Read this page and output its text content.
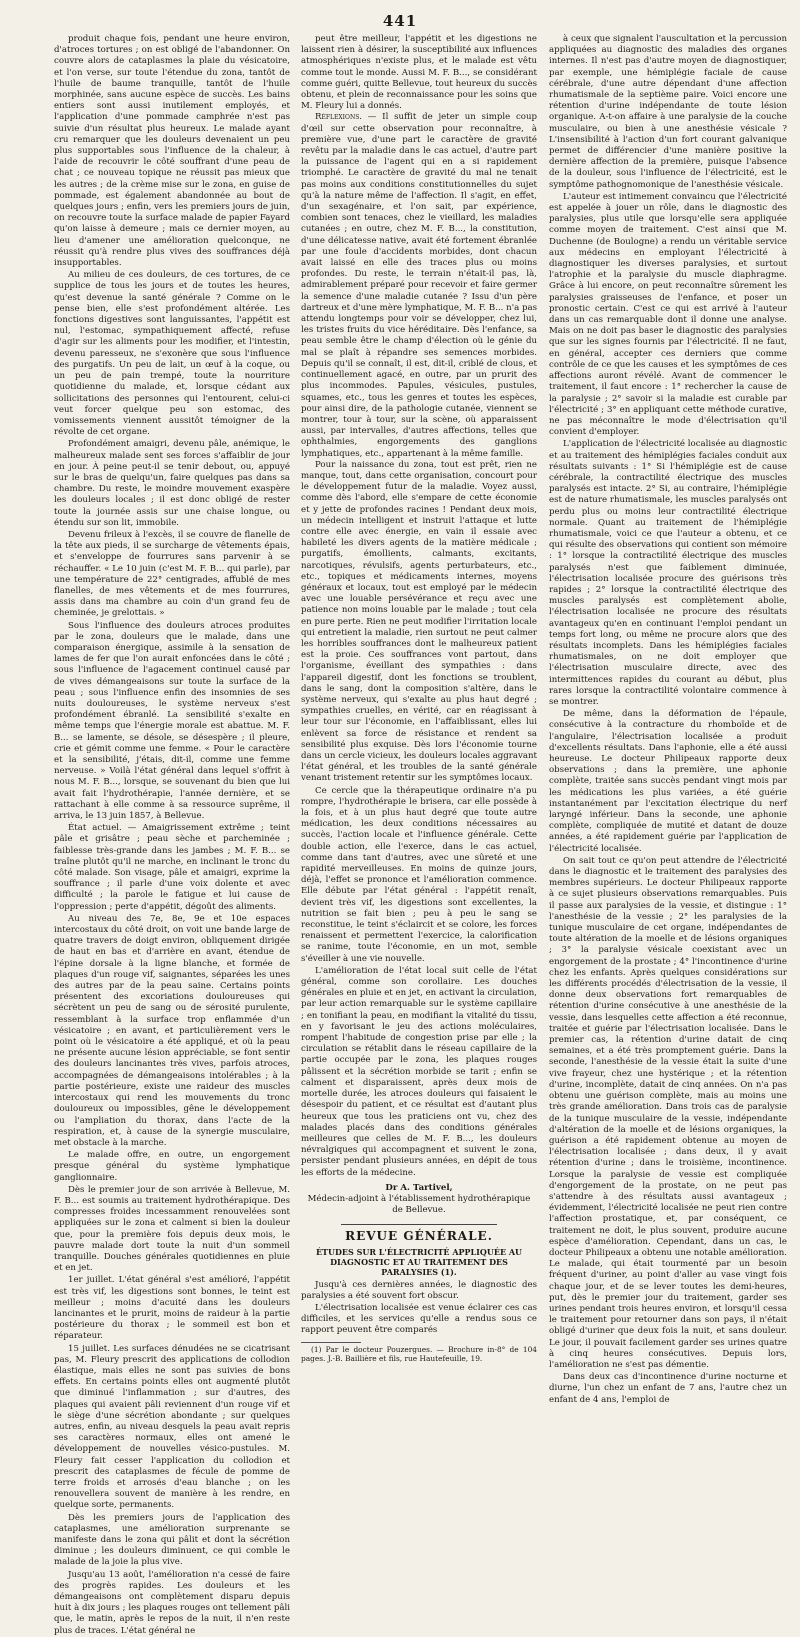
441

produit chaque fois, pendant une heure environ, d'atroces tortures ; on est obligé de l'abandonner. On couvre alors de cataplasmes la plaie du vésicatoire, et l'on verse, sur toute l'étendue du zona, tantôt de l'huile de baume tranquille, tantôt de l'huile morphinée, sans aucune espèce de succès. Les bains entiers sont aussi inutilement employés, et l'application d'une pommade camphrée n'est pas suivie d'un résultat plus heureux. Le malade ayant cru remarquer que les douleurs devenaient un peu plus supportables sous l'influence de la chaleur, à l'aide de recouvrir le côté souffrant d'une peau de chat ; ce nouveau topique ne réussit pas mieux que les autres ; de la crème mise sur le zona, en guise de pommade, est également abandonnée au bout de quelques jours ; enfin, vers les premiers jours de juin, on recouvre toute la surface malade de papier Fayard qu'on laisse à demeure ; mais ce dernier moyen, au lieu d'amener une amélioration quelconque, ne réussit qu'à rendre plus vives des souffrances déjà insupportables.

Au milieu de ces douleurs, de ces tortures, de ce supplice de tous les jours et de toutes les heures, qu'est devenue la santé générale ? Comme on le pense bien, elle s'est profondément altérée. Les fonctions digestives sont languissantes, l'appétit est nul, l'estomac, sympathiquement affecté, refuse d'agir sur les aliments pour les modifier, et l'intestin, devenu paresseux, ne s'exonère que sous l'influence des purgatifs. Un peu de lait, un œuf à la coque, ou un peu de pain trempé, toute la nourriture quotidienne du malade, et, lorsque cédant aux sollicitations des personnes qui l'entourent, celui-ci veut forcer quelque peu son estomac, des vomissements viennent aussitôt témoigner de la révolte de cet organe.

Profondément amaigri, devenu pâle, anémique, le malheureux malade sent ses forces s'affaiblir de jour en jour. À peine peut-il se tenir debout, ou, appuyé sur le bras de quelqu'un, faire quelques pas dans sa chambre. Du reste, le moindre mouvement exaspère les douleurs locales ; il est donc obligé de rester toute la journée assis sur une chaise longue, ou étendu sur son lit, immobile.

Devenu frileux à l'excès, il se couvre de flanelle de la tête aux pieds, il se surcharge de vêtements épais, et s'enveloppe de fourrures sans parvenir à se réchauffer. « Le 10 juin (c'est M. F. B... qui parle), par une température de 22° centigrades, affublé de mes flanelles, de mes vêtements et de mes fourrures, assis dans ma chambre au coin d'un grand feu de cheminée, je grelottais. »

Sous l'influence des douleurs atroces produites par le zona, douleurs que le malade, dans une comparaison énergique, assimile à la sensation de lames de fer que l'on aurait enfoncées dans le côté ; sous l'influence de l'agacement continuel causé par de vives démangeaisons sur toute la surface de la peau ; sous l'influence enfin des insomnies de ses nuits douloureuses, le système nerveux s'est profondément ébranlé. La sensibilité s'exalte en même temps que l'énergie morale est abattue. M. F. B... se lamente, se désole, se désespère ; il pleure, crie et gémit comme une femme. « Pour le caractère et la sensibilité, j'étais, dit-il, comme une femme nerveuse. » Voilà l'état général dans lequel s'offrit à nous M. F. B..., lorsque, se souvenant du bien que lui avait fait l'hydrothérapie, l'année dernière, et se rattachant à elle comme à sa ressource suprême, il arriva, le 13 juin 1857, à Bellevue.

État actuel. — Amaigrissement extrême ; teint pâle et grisâtre ; peau sèche et parcheminée ; faiblesse très-grande dans les jambes ; M. F. B... se traîne plutôt qu'il ne marche, en inclinant le tronc du côté malade. Son visage, pâle et amaigri, exprime la souffrance ; il parle d'une voix dolente et avec difficulté ; la parole le fatigue et lui cause de l'oppression ; perte d'appétit, dégoût des aliments.

Au niveau des 7e, 8e, 9e et 10e espaces intercostaux du côté droit, on voit une bande large de quatre travers de doigt environ, obliquement dirigée de haut en bas et d'arrière en avant, étendue de l'épine dorsale à la ligne blanche, et formée de plaques d'un rouge vif, saignantes, séparées les unes des autres par de la peau saine. Certains points présentent des excoriations douloureuses qui sécrètent un peu de sang ou de sérosité purulente, ressemblant à la surface trop enflammée d'un vésicatoire ; en avant, et particulièrement vers le point où le vésicatoire a été appliqué, et où la peau ne présente aucune lésion appréciable, se font sentir des douleurs lancinantes très vives, parfois atroces, accompagnées de démangeaisons intolérables ; à la partie postérieure, existe une raideur des muscles intercostaux qui rend les mouvements du tronc douloureux ou impossibles, gêne le développement ou l'ampliation du thorax, dans l'acte de la respiration, et, à cause de la synergie musculaire, met obstacle à la marche.

Le malade offre, en outre, un engorgement presque général du système lymphatique ganglionnaire.

Dès le premier jour de son arrivée à Bellevue, M. F. B... est soumis au traitement hydrothérapique. Des compresses froides incessamment renouvelées sont appliquées sur le zona et calment si bien la douleur que, pour la première fois depuis deux mois, le pauvre malade dort toute la nuit d'un sommeil tranquille. Douches générales quotidiennes en pluie et en jet.

1er juillet. L'état général s'est amélioré, l'appétit est très vif, les digestions sont bonnes, le teint est meilleur ; moins d'acuité dans les douleurs lancinantes et le prurit, moins de raideur à la partie postérieure du thorax ; le sommeil est bon et réparateur.

15 juillet. Les surfaces dénudées ne se cicatrisant pas, M. Fleury prescrit des applications de collodion élastique, mais elles ne sont pas suivies de bons effets. En certains points elles ont augmenté plutôt que diminué l'inflammation ; sur d'autres, des plaques qui avaient pâli reviennent d'un rouge vif et le siège d'une sécrétion abondante ; sur quelques autres, enfin, au niveau desquels la peau avait repris ses caractères normaux, elles ont amené le développement de nouvelles vésico-pustules. M. Fleury fait cesser l'application du collodion et prescrit des cataplasmes de fécule de pomme de terre froids et arrosés d'eau blanche ; on les renouvellera souvent de manière à les rendre, en quelque sorte, permanents.

Dès les premiers jours de l'application des cataplasmes, une amélioration surprenante se manifeste dans le zona qui pâlit et dont la sécrétion diminue ; les douleurs diminuent, ce qui comble le malade de la joie la plus vive.

Jusqu'au 13 août, l'amélioration n'a cessé de faire des progrès rapides. Les douleurs et les démangeaisons ont complètement disparu depuis huit à dix jours ; les plaques rouges ont tellement pâli que, le matin, après le repos de la nuit, il n'en reste plus de traces. L'état général ne

peut être meilleur, l'appétit et les digestions ne laissent rien à désirer, la susceptibilité aux influences atmosphériques n'existe plus, et le malade est vêtu comme tout le monde. Aussi M. F. B..., se considérant comme guéri, quitte Bellevue, tout heureux du succès obtenu, et plein de reconnaissance pour les soins que M. Fleury lui a donnés.

Réflexions. — Il suffit de jeter un simple coup d'œil sur cette observation pour reconnaître, à première vue, d'une part le caractère de gravité revêtu par la maladie dans le cas actuel, d'autre part la puissance de l'agent qui en a si rapidement triomphé. Le caractère de gravité du mal ne tenait pas moins aux conditions constitutionnelles du sujet qu'à la nature même de l'affection. Il s'agit, en effet, d'un sexagénaire, et l'on sait, par expérience, combien sont tenaces, chez le vieillard, les maladies cutanées ; en outre, chez M. F. B..., la constitution, d'une délicatesse native, avait été fortement ébranlée par une foule d'accidents morbides, dont chacun avait laissé en elle des traces plus ou moins profondes. Du reste, le terrain n'était-il pas, là, admirablement préparé pour recevoir et faire germer la semence d'une maladie cutanée ? Issu d'un père dartreux et d'une mère lymphatique, M. F. B... n'a pas attendu longtemps pour voir se développer, chez lui, les tristes fruits du vice héréditaire. Dès l'enfance, sa peau semble être le champ d'élection où le génie du mal se plaît à répandre ses semences morbides. Depuis qu'il se connaît, il est, dit-il, criblé de clous, et continuellement agacé, en outre, par un prurit des plus incommodes. Papules, vésicules, pustules, squames, etc., tous les genres et toutes les espèces, pour ainsi dire, de la pathologie cutanée, viennent se montrer, tour à tour, sur la scène, où apparaissent aussi, par intervalles, d'autres affections, telles que ophthalmies, engorgements des ganglions lymphatiques, etc., appartenant à la même famille.

Pour la naissance du zona, tout est prêt, rien ne manque, tout, dans cette organisation, concourt pour le développement futur de la maladie. Voyez aussi, comme dès l'abord, elle s'empare de cette économie et y jette de profondes racines ! Pendant deux mois, un médecin intelligent et instruit l'attaque et lutte contre elle avec énergie, en vain il essaie avec habileté les divers agents de la matière médicale ; purgatifs, émollients, calmants, excitants, narcotiques, révulsifs, agents perturbateurs, etc., etc., topiques et médicaments internes, moyens généraux et locaux, tout est employé par le médecin avec une louable persévérance et reçu avec une patience non moins louable par le malade ; tout cela en pure perte. Rien ne peut modifier l'irritation locale qui entretient la maladie, rien surtout ne peut calmer les horribles souffrances dont le malheureux patient est la proie. Ces souffrances vont partout, dans l'organisme, éveillant des sympathies : dans l'appareil digestif, dont les fonctions se troublent, dans le sang, dont la composition s'altère, dans le système nerveux, qui s'exalte au plus haut degré ; sympathies cruelles, en vérité, car en réagissant à leur tour sur l'économie, en l'affaiblissant, elles lui enlèvent sa force de résistance et rendent sa sensibilité plus exquise. Dès lors l'économie tourne dans un cercle vicieux, les douleurs locales aggravant l'état général, et les troubles de la santé générale venant tristement retentir sur les symptômes locaux.

Ce cercle que la thérapeutique ordinaire n'a pu rompre, l'hydrothérapie le brisera, car elle possède à la fois, et à un plus haut degré que toute autre médication, les deux conditions nécessaires au succès, l'action locale et l'influence générale. Cette double action, elle l'exerce, dans le cas actuel, comme dans tant d'autres, avec une sûreté et une rapidité merveilleuses. En moins de quinze jours, déjà, l'effet se prononce et l'amélioration commence. Elle débute par l'état général : l'appétit renaît, devient très vif, les digestions sont excellentes, la nutrition se fait bien ; peu à peu le sang se reconstitue, le teint s'éclaircit et se colore, les forces renaissent et permettent l'exercice, la calorification se ranime, toute l'économie, en un mot, semble s'éveiller à une vie nouvelle.

L'amélioration de l'état local suit celle de l'état général, comme son corollaire. Les douches générales en pluie et en jet, en activant la circulation, par leur action remarquable sur le système capillaire ; en tonifiant la peau, en modifiant la vitalité du tissu, en y favorisant le jeu des actions moléculaires, rompent l'habitude de congestion prise par elle ; la circulation se rétablit dans le réseau capillaire de la partie occupée par le zona, les plaques rouges pâlissent et la sécrétion morbide se tarit ; enfin se calment et disparaissent, après deux mois de mortelle durée, les atroces douleurs qui faisaient le désespoir du patient, et ce résultat est d'autant plus heureux que tous les praticiens ont vu, chez des malades placés dans des conditions générales meilleures que celles de M. F. B..., les douleurs névralgiques qui accompagnent et suivent le zona, persister pendant plusieurs années, en dépit de tous les efforts de la médecine.

Dr A. Tartivel,
Médecin-adjoint à l'établissement hydrothérapique de Bellevue.
REVUE GÉNÉRALE.
ÉTUDES SUR L'ÉLECTRICITÉ APPLIQUÉE AU DIAGNOSTIC ET AU TRAITEMENT DES PARALYSIES (1).

Jusqu'à ces dernières années, le diagnostic des paralysies a été souvent fort obscur.

L'électrisation localisée est venue éclairer ces cas difficiles, et les services qu'elle a rendus sous ce rapport peuvent être comparés

(1) Par le docteur Pouzergues. — Brochure in-8° de 104 pages. J.-B. Baillière et fils, rue Hautefeuille, 19.

à ceux que signalent l'auscultation et la percussion appliquées au diagnostic des maladies des organes internes. Il n'est pas d'autre moyen de diagnostiquer, par exemple, une hémiplégie faciale de cause cérébrale, d'une autre dépendant d'une affection rhumatismale de la septième paire. Voici encore une rétention d'urine indépendante de toute lésion organique. A-t-on affaire à une paralysie de la couche musculaire, ou bien à une anesthésie vésicale ? L'insensibilité à l'action d'un fort courant galvanique permet de différencier d'une manière positive la dernière affection de la première, puisque l'absence de la douleur, sous l'influence de l'électricité, est le symptôme pathognomonique de l'anesthésie vésicale.

L'auteur est intimement convaincu que l'électricité est appelée à jouer un rôle, dans le diagnostic des paralysies, plus utile que lorsqu'elle sera appliquée comme moyen de traitement. C'est ainsi que M. Duchenne (de Boulogne) a rendu un véritable service aux médecins en employant l'électricité à diagnostiquer les diverses paralysies, et surtout l'atrophie et la paralysie du muscle diaphragme. Grâce à lui encore, on peut reconnaître sûrement les paralysies graisseuses de l'enfance, et poser un pronostic certain. C'est ce qui est arrivé à l'auteur dans un cas remarquable dont il donne une analyse. Mais on ne doit pas baser le diagnostic des paralysies que sur les signes fournis par l'électricité. Il ne faut, en général, accepter ces derniers que comme contrôle de ce que les causes et les symptômes de ces affections auront révélé. Avant de commencer le traitement, il faut encore : 1° rechercher la cause de la paralysie ; 2° savoir si la maladie est curable par l'électricité ; 3° en appliquant cette méthode curative, ne pas méconnaître le mode d'électrisation qu'il convient d'employer.

L'application de l'électricité localisée au diagnostic et au traitement des hémiplégies faciales conduit aux résultats suivants : 1° Si l'hémiplégie est de cause cérébrale, la contractilité électrique des muscles paralysés est intacte. 2° Si, au contraire, l'hémiplégie est de nature rhumatismale, les muscles paralysés ont perdu plus ou moins leur contractilité électrique normale. Quant au traitement de l'hémiplégie rhumatismale, voici ce que l'auteur a obtenu, et ce qui résulte des observations qui contient son mémoire : 1° lorsque la contractilité électrique des muscles paralysés n'est que faiblement diminuée, l'électrisation localisée procure des guérisons très rapides ; 2° lorsque la contractilité électrique des muscles paralysés est complètement abolie, l'électrisation localisée ne procure des résultats avantageux qu'en en continuant l'emploi pendant un temps fort long, ou même ne procure alors que des résultats incomplets. Dans les hémiplégies faciales rhumatismales, on ne doit employer que l'électrisation musculaire directe, avec des intermittences rapides du courant au début, plus rares lorsque la contractilité volontaire commence à se montrer.

De même, dans la déformation de l'épaule, consécutive à la contracture du rhomboïde et de l'angulaire, l'électrisation localisée a produit d'excellents résultats. Dans l'aphonie, elle a été aussi heureuse. Le docteur Philipeaux rapporte deux observations ; dans la première, une aphonie complète, traitée sans succès pendant vingt mois par les médications les plus variées, a été guérie instantanément par l'excitation électrique du nerf laryngé inférieur. Dans la seconde, une aphonie complète, compliquée de mutité et datant de douze années, a été rapidement guérie par l'application de l'électricité localisée.

On sait tout ce qu'on peut attendre de l'électricité dans le diagnostic et le traitement des paralysies des membres supérieurs. Le docteur Philipeaux rapporte à ce sujet plusieurs observations remarquables. Puis il passe aux paralysies de la vessie, et distingue : 1° l'anesthésie de la vessie ; 2° les paralysies de la tunique musculaire de cet organe, indépendantes de toute altération de la moelle et de lésions organiques ; 3° la paralysie vésicale coexistant avec un engorgement de la prostate ; 4° l'incontinence d'urine chez les enfants. Après quelques considérations sur les différents procédés d'électrisation de la vessie, il donne deux observations fort remarquables de rétention d'urine consécutive à une anesthésie de la vessie, dans lesquelles cette affection a été reconnue, traitée et guérie par l'électrisation localisée. Dans le premier cas, la rétention d'urine datait de cinq semaines, et a été très promptement guérie. Dans la seconde, l'anesthésie de la vessie était la suite d'une vive frayeur, chez une hystérique ; et la rétention d'urine, incomplète, datait de cinq années. On n'a pas obtenu une guérison complète, mais au moins une très grande amélioration. Dans trois cas de paralysie de la tunique musculaire de la vessie, indépendante d'altération de la moelle et de lésions organiques, la guérison a été rapidement obtenue au moyen de l'électrisation localisée ; dans deux, il y avait rétention d'urine ; dans le troisième, incontinence. Lorsque la paralysie de vessie est compliquée d'engorgement de la prostate, on ne peut pas s'attendre à des résultats aussi avantageux ; évidemment, l'électricité localisée ne peut rien contre l'affection prostatique, et, par conséquent, ce traitement ne doit, le plus souvent, produire aucune espèce d'amélioration. Cependant, dans un cas, le docteur Philipeaux a obtenu une notable amélioration. Le malade, qui était tourmenté par un besoin fréquent d'uriner, au point d'aller au vase vingt fois chaque jour, et de se lever toutes les demi-heures, put, dès le premier jour du traitement, garder ses urines pendant trois heures environ, et lorsqu'il cessa le traitement pour retourner dans son pays, il n'était obligé d'uriner que deux fois la nuit, et sans douleur. Le jour, il pouvait facilement garder ses urines quatre à cinq heures consécutives. Depuis lors, l'amélioration ne s'est pas démentie.

Dans deux cas d'incontinence d'urine nocturne et diurne, l'un chez un enfant de 7 ans, l'autre chez un enfant de 4 ans, l'emploi de
